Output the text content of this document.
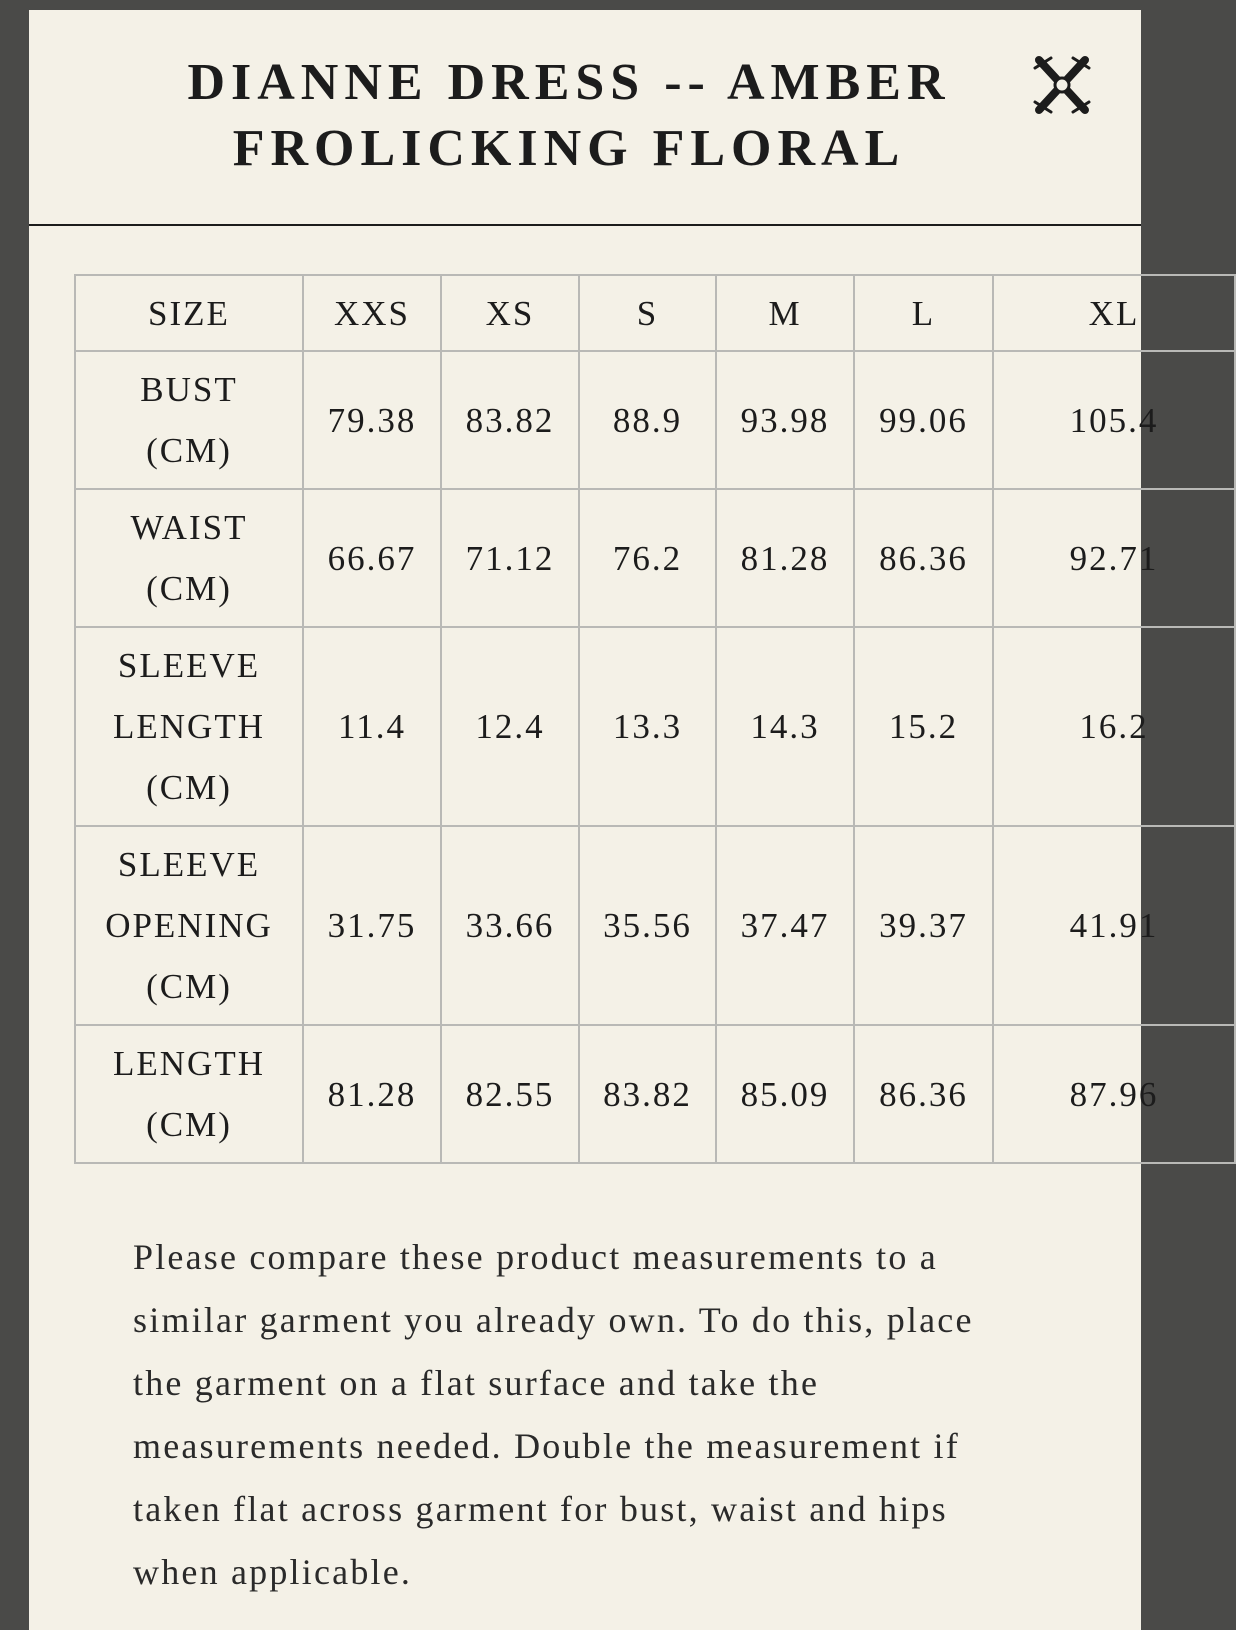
DIANNE DRESS -- AMBER
FROLICKING FLORAL
SIZE	XXS	XS	S	M	L	XL

BUST
(CM)	79.38	83.82	88.9	93.98	99.06	105.4

WAIST
(CM)	66.67	71.12	76.2	81.28	86.36	92.71

SLEEVE
LENGTH
(CM)	11.4	12.4	13.3	14.3	15.2	16.2

SLEEVE
OPENING
(CM)	31.75	33.66	35.56	37.47	39.37	41.91

LENGTH
(CM)	81.28	82.55	83.82	85.09	86.36	87.96

Please compare these product measurements to a similar garment you already own. To do this, place the garment on a flat surface and take the measurements needed. Double the measurement if taken flat across garment for bust, waist and hips when applicable.
